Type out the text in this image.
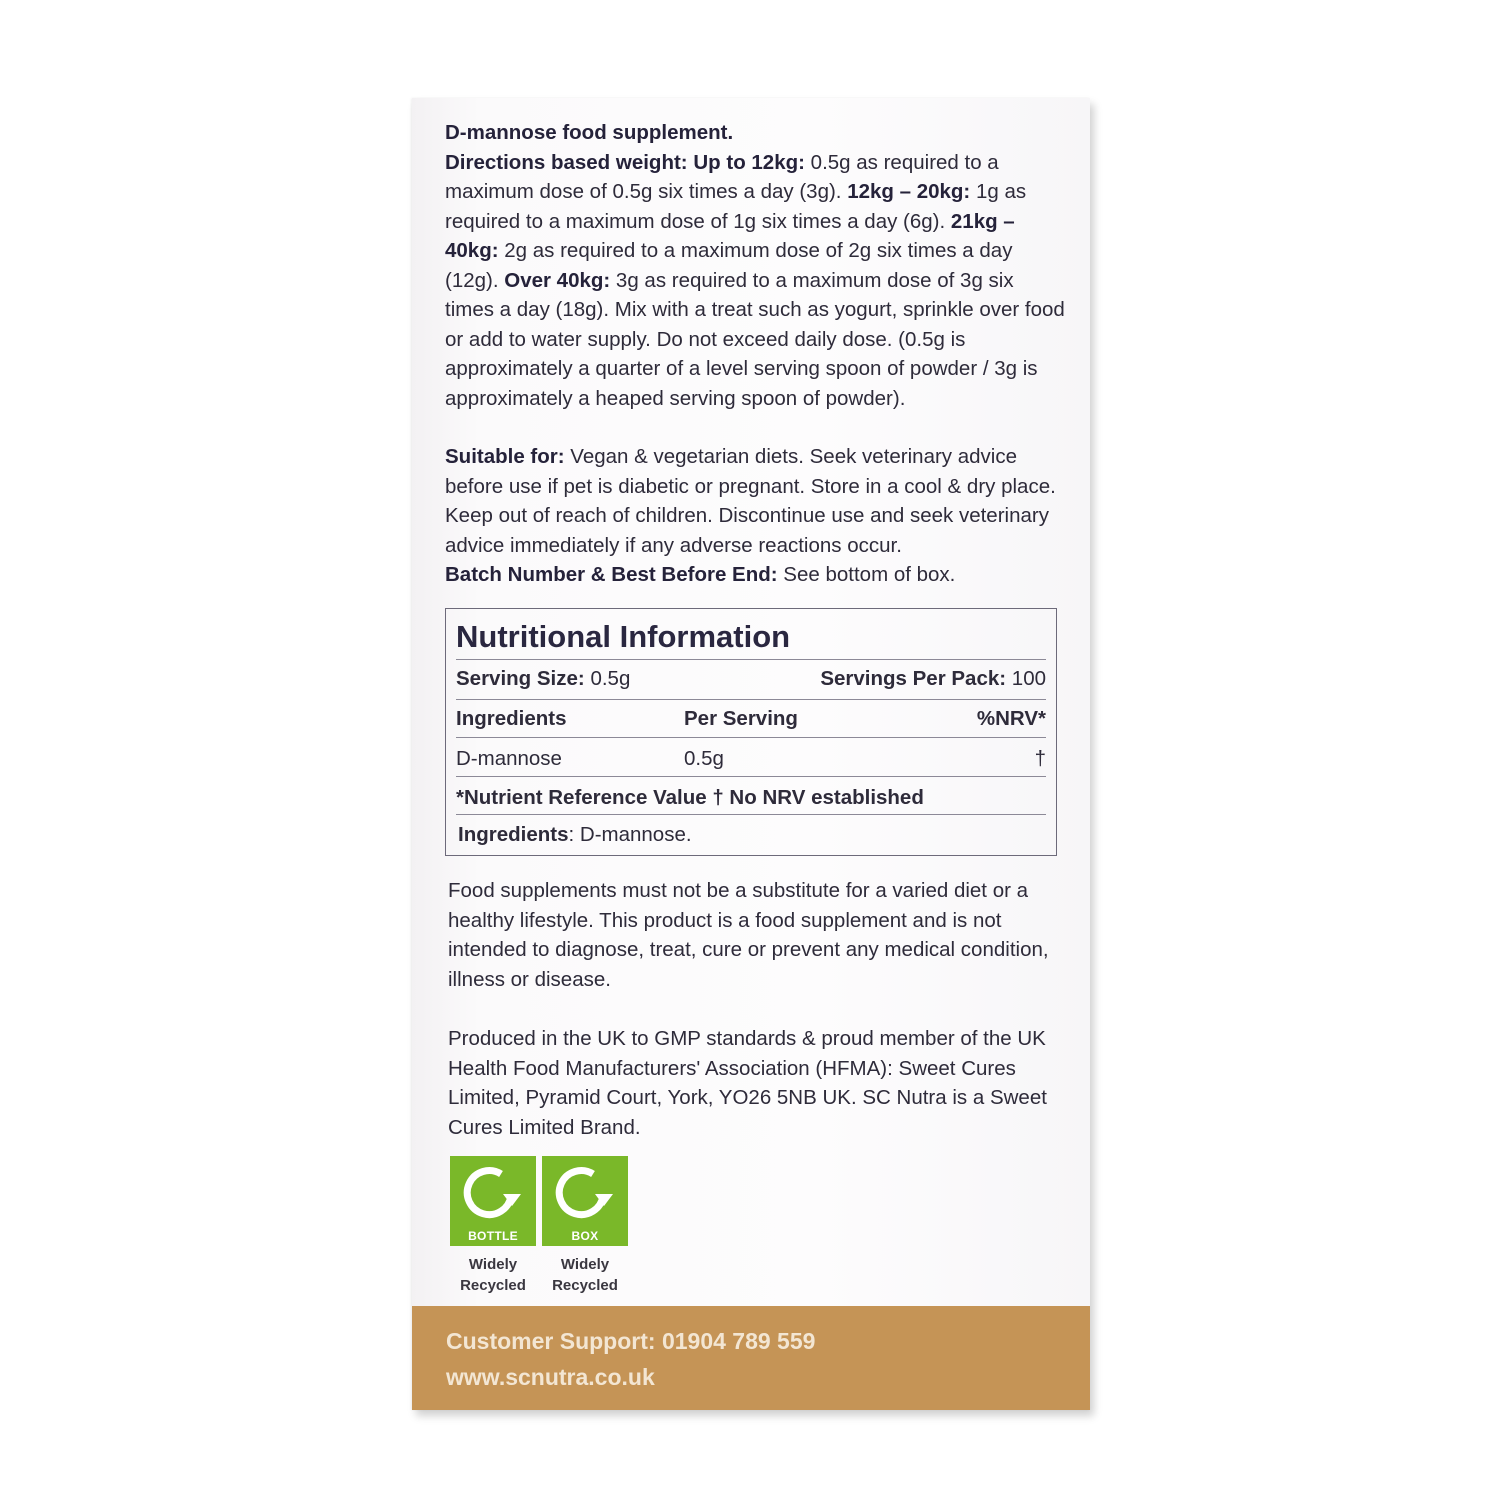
D-mannose food supplement.
Directions based weight: Up to 12kg: 0.5g as required to a maximum dose of 0.5g six times a day (3g). 12kg – 20kg: 1g as required to a maximum dose of 1g six times a day (6g). 21kg – 40kg: 2g as required to a maximum dose of 2g six times a day (12g). Over 40kg: 3g as required to a maximum dose of 3g six times a day (18g). Mix with a treat such as yogurt, sprinkle over food or add to water supply. Do not exceed daily dose. (0.5g is approximately a quarter of a level serving spoon of powder / 3g is approximately a heaped serving spoon of powder).
Suitable for: Vegan & vegetarian diets. Seek veterinary advice before use if pet is diabetic or pregnant. Store in a cool & dry place. Keep out of reach of children. Discontinue use and seek veterinary advice immediately if any adverse reactions occur.
Batch Number & Best Before End: See bottom of box.
Nutritional Information
Serving Size: 0.5g	Servings Per Pack: 100
Ingredients	Per Serving	%NRV*
D-mannose	0.5g	†
*Nutrient Reference Value † No NRV established
Ingredients: D-mannose.
Food supplements must not be a substitute for a varied diet or a healthy lifestyle. This product is a food supplement and is not intended to diagnose, treat, cure or prevent any medical condition, illness or disease.
Produced in the UK to GMP standards & proud member of the UK Health Food Manufacturers' Association (HFMA): Sweet Cures Limited, Pyramid Court, York, YO26 5NB UK. SC Nutra is a Sweet Cures Limited Brand.
BOTTLE
Widely
Recycled
BOX
Widely
Recycled
Customer Support: 01904 789 559
www.scnutra.co.uk
